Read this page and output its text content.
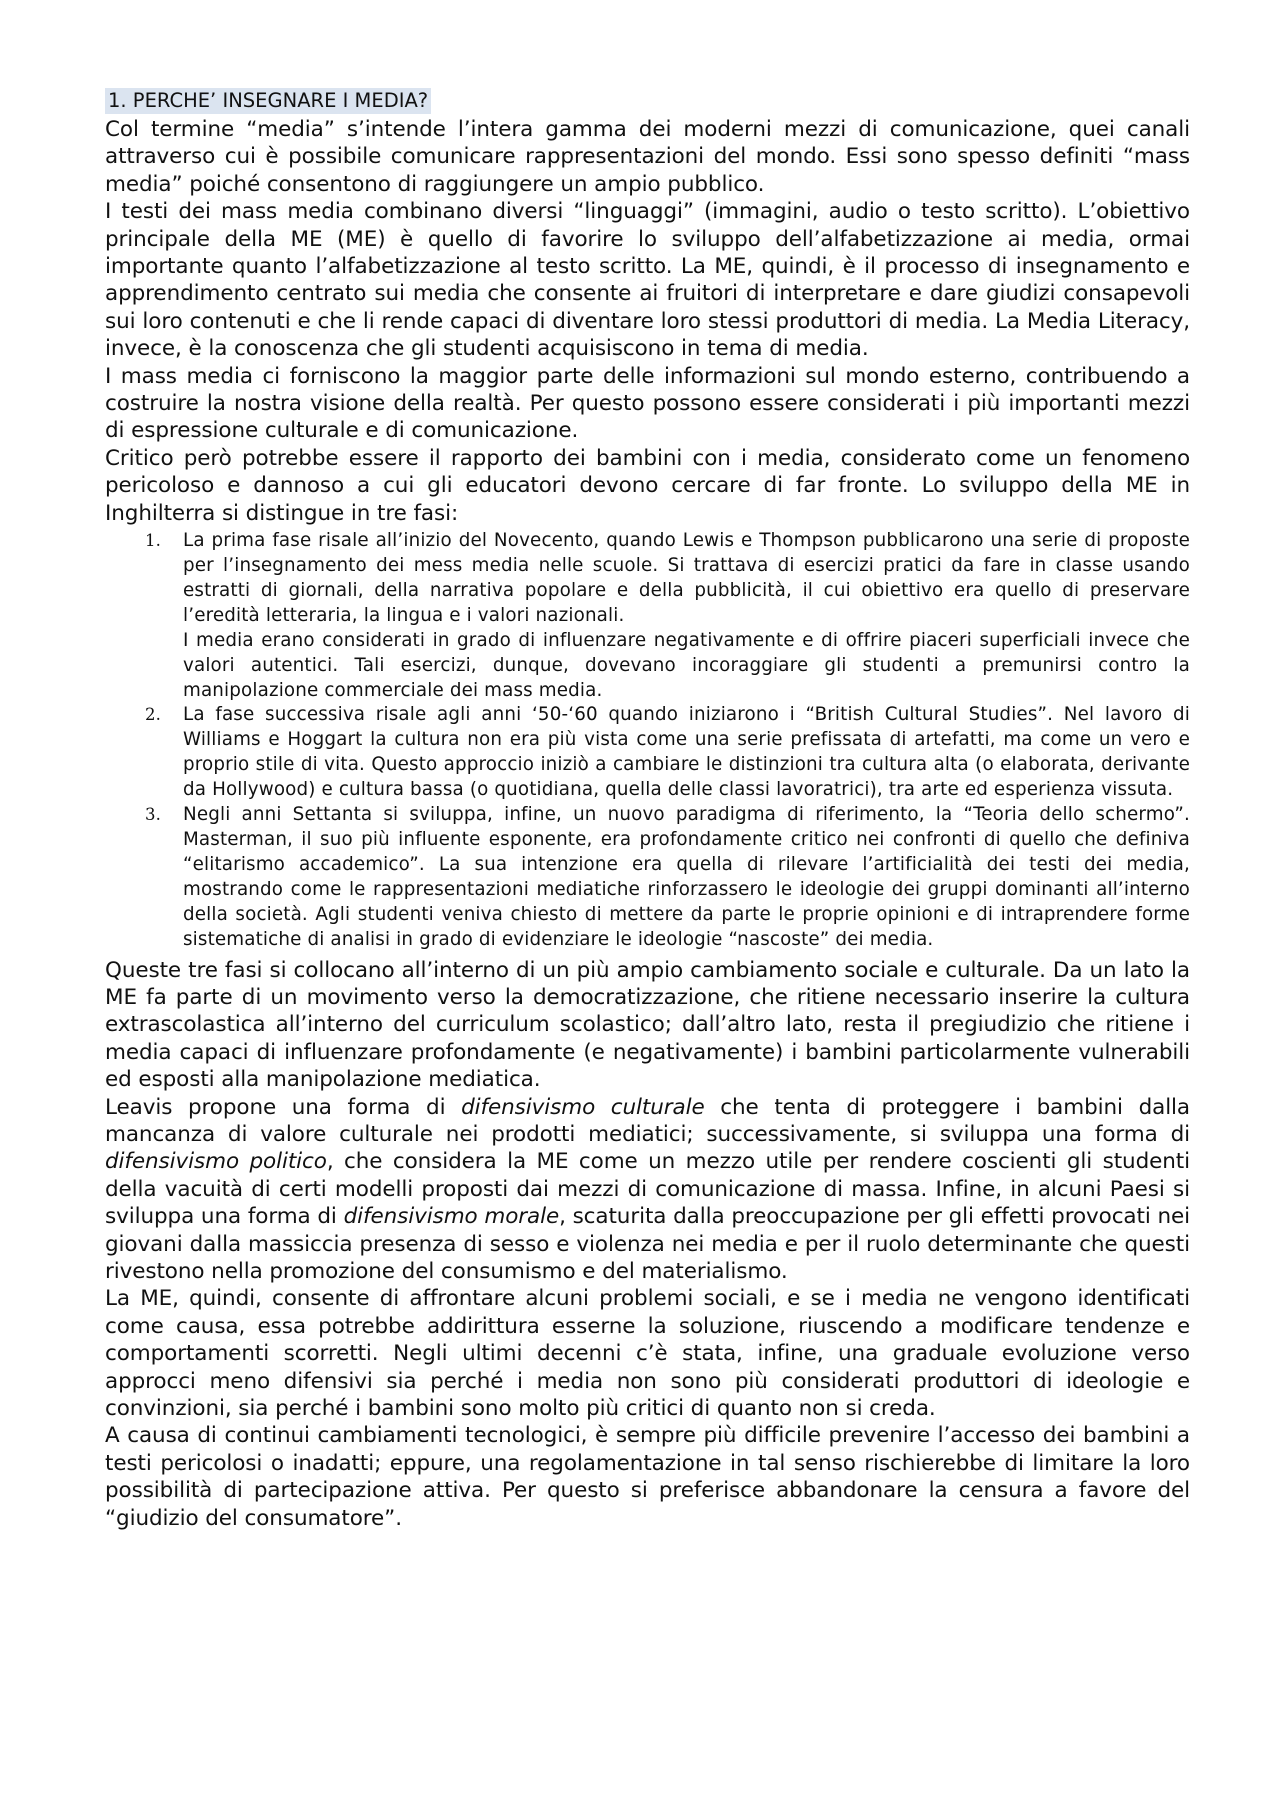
1. PERCHE’ INSEGNARE I MEDIA?

Col termine “media” s’intende l’intera gamma dei moderni mezzi di comunicazione, quei canali attraverso cui è possibile comunicare rappresentazioni del mondo. Essi sono spesso definiti “mass media” poiché consentono di raggiungere un ampio pubblico.

I testi dei mass media combinano diversi “linguaggi” (immagini, audio o testo scritto). L’obiettivo principale della ME (ME) è quello di favorire lo sviluppo dell’alfabetizzazione ai media, ormai importante quanto l’alfabetizzazione al testo scritto. La ME, quindi, è il processo di insegnamento e apprendimento centrato sui media che consente ai fruitori di interpretare e dare giudizi consapevoli sui loro contenuti e che li rende capaci di diventare loro stessi produttori di media. La Media Literacy, invece, è la conoscenza che gli studenti acquisiscono in tema di media.

I mass media ci forniscono la maggior parte delle informazioni sul mondo esterno, contribuendo a costruire la nostra visione della realtà. Per questo possono essere considerati i più importanti mezzi di espressione culturale e di comunicazione.

Critico però potrebbe essere il rapporto dei bambini con i media, considerato come un fenomeno pericoloso e dannoso a cui gli educatori devono cercare di far fronte. Lo sviluppo della ME in Inghilterra si distingue in tre fasi:

1. La prima fase risale all’inizio del Novecento, quando Lewis e Thompson pubblicarono una serie di proposte per l’insegnamento dei mess media nelle scuole. Si trattava di esercizi pratici da fare in classe usando estratti di giornali, della narrativa popolare e della pubblicità, il cui obiettivo era quello di preservare l’eredità letteraria, la lingua e i valori nazionali.

I media erano considerati in grado di influenzare negativamente e di offrire piaceri superficiali invece che valori autentici. Tali esercizi, dunque, dovevano incoraggiare gli studenti a premunirsi contro la manipolazione commerciale dei mass media.

2. La fase successiva risale agli anni ‘50-‘60 quando iniziarono i “British Cultural Studies”. Nel lavoro di Williams e Hoggart la cultura non era più vista come una serie prefissata di artefatti, ma come un vero e proprio stile di vita. Questo approccio iniziò a cambiare le distinzioni tra cultura alta (o elaborata, derivante da Hollywood) e cultura bassa (o quotidiana, quella delle classi lavoratrici), tra arte ed esperienza vissuta.

3. Negli anni Settanta si sviluppa, infine, un nuovo paradigma di riferimento, la “Teoria dello schermo”. Masterman, il suo più influente esponente, era profondamente critico nei confronti di quello che definiva “elitarismo accademico”. La sua intenzione era quella di rilevare l’artificialità dei testi dei media, mostrando come le rappresentazioni mediatiche rinforzassero le ideologie dei gruppi dominanti all’interno della società. Agli studenti veniva chiesto di mettere da parte le proprie opinioni e di intraprendere forme sistematiche di analisi in grado di evidenziare le ideologie “nascoste” dei media.

Queste tre fasi si collocano all’interno di un più ampio cambiamento sociale e culturale. Da un lato la ME fa parte di un movimento verso la democratizzazione, che ritiene necessario inserire la cultura extrascolastica all’interno del curriculum scolastico; dall’altro lato, resta il pregiudizio che ritiene i media capaci di influenzare profondamente (e negativamente) i bambini particolarmente vulnerabili ed esposti alla manipolazione mediatica.

Leavis propone una forma di difensivismo culturale che tenta di proteggere i bambini dalla mancanza di valore culturale nei prodotti mediatici; successivamente, si sviluppa una forma di difensivismo politico, che considera la ME come un mezzo utile per rendere coscienti gli studenti della vacuità di certi modelli proposti dai mezzi di comunicazione di massa. Infine, in alcuni Paesi si sviluppa una forma di difensivismo morale, scaturita dalla preoccupazione per gli effetti provocati nei giovani dalla massiccia presenza di sesso e violenza nei media e per il ruolo determinante che questi rivestono nella promozione del consumismo e del materialismo.

La ME, quindi, consente di affrontare alcuni problemi sociali, e se i media ne vengono identificati come causa, essa potrebbe addirittura esserne la soluzione, riuscendo a modificare tendenze e comportamenti scorretti. Negli ultimi decenni c’è stata, infine, una graduale evoluzione verso approcci meno difensivi sia perché i media non sono più considerati produttori di ideologie e convinzioni, sia perché i bambini sono molto più critici di quanto non si creda.

A causa di continui cambiamenti tecnologici, è sempre più difficile prevenire l’accesso dei bambini a testi pericolosi o inadatti; eppure, una regolamentazione in tal senso rischierebbe di limitare la loro possibilità di partecipazione attiva. Per questo si preferisce abbandonare la censura a favore del “giudizio del consumatore”.
